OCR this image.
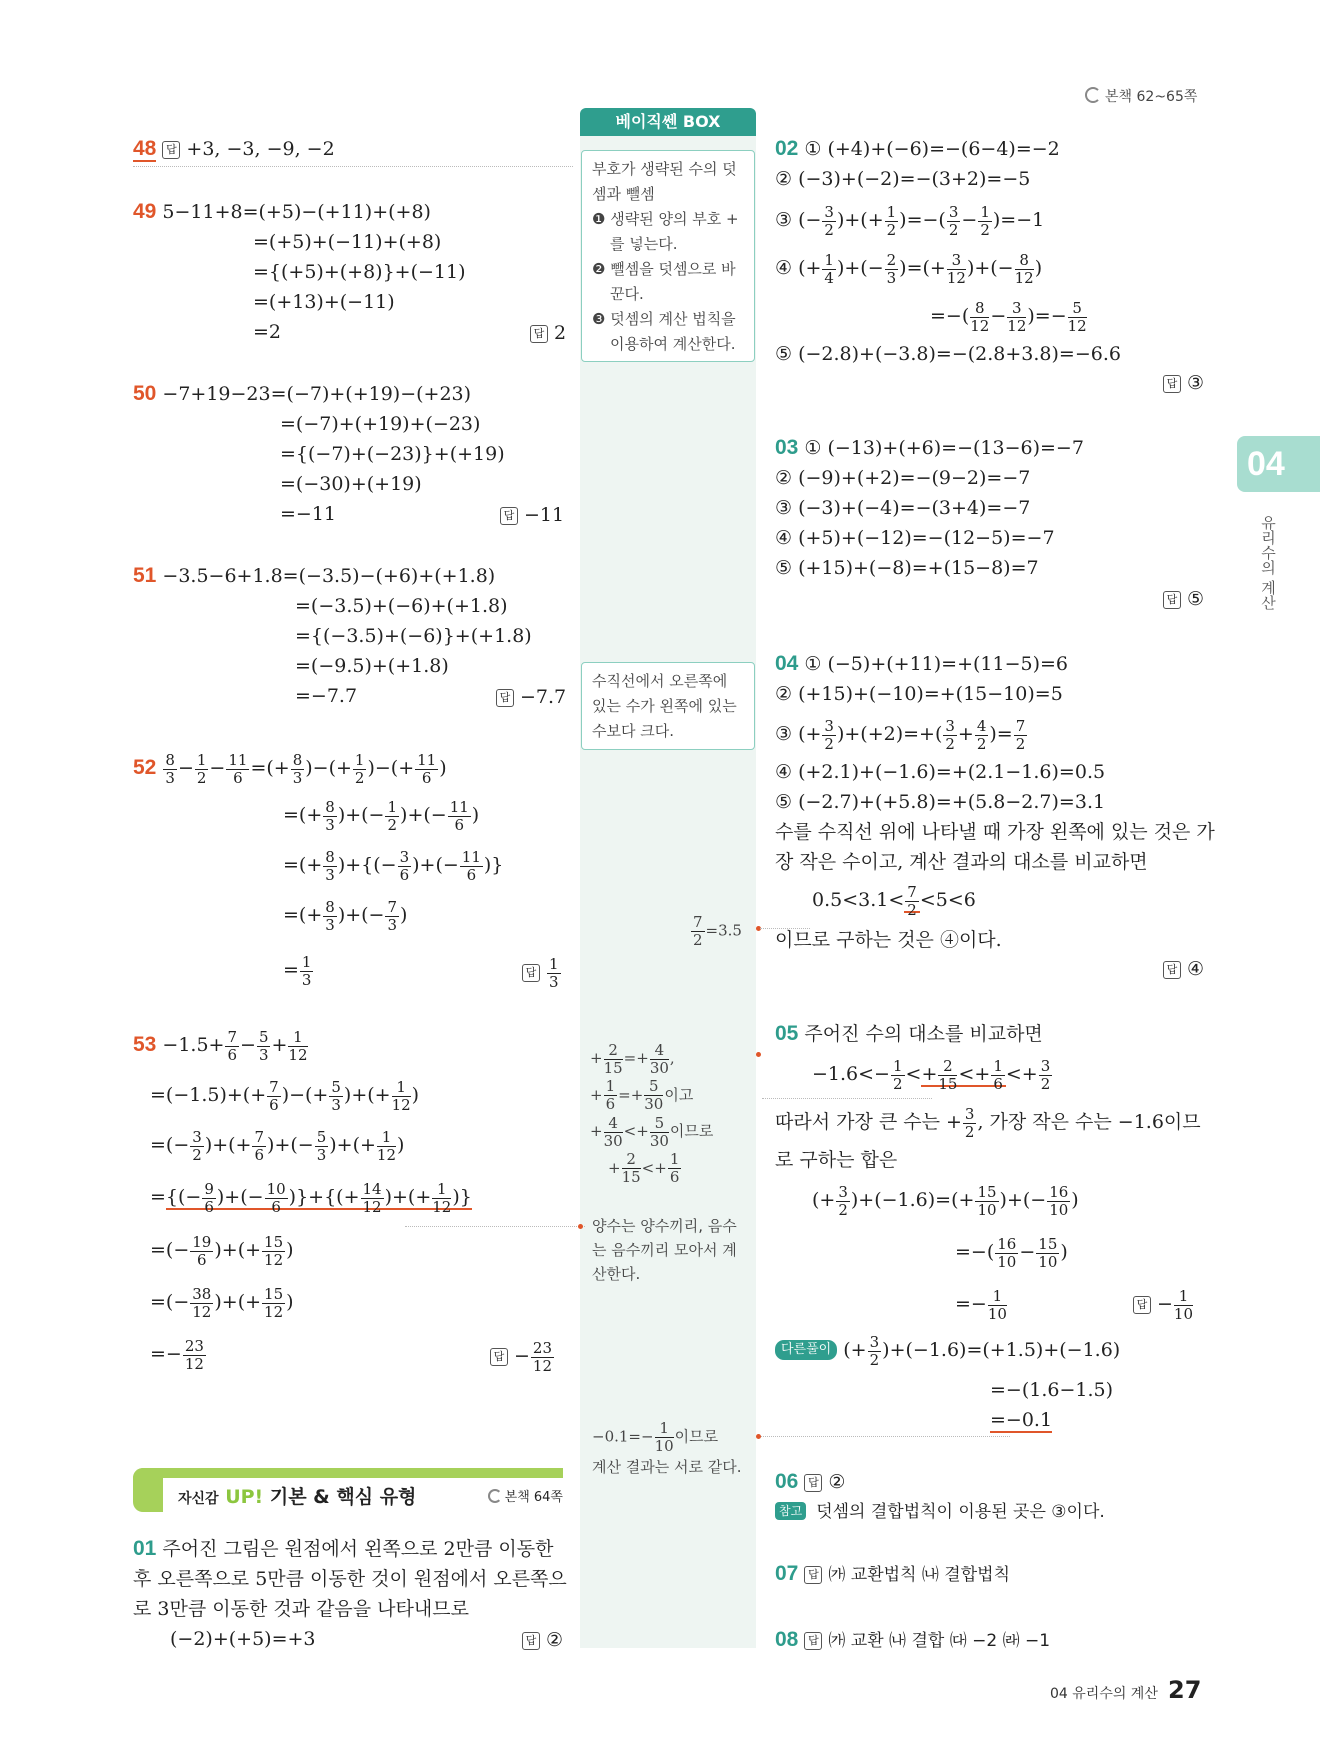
본책 62~65쪽
베이직쎈 BOX
부호가 생략된 수의 덧
셈과 뺄셈
❶ 생략된 양의 부호 +
를 넣는다.
❷ 뺄셈을 덧셈으로 바
꾼다.
❸ 덧셈의 계산 법칙을
이용하여 계산한다.
수직선에서 오른쪽에
있는 수가 왼쪽에 있는
수보다 크다.
$\frac{7}{2} =3.5$
+ $\frac{2}{15} =+ \frac{4}{30}$ ,
+ $\frac{1}{6} =+ \frac{5}{30}$ 이고
+ $\frac{4}{30} <+ \frac{5}{30}$ 이므로
+ $\frac{2}{15} <+ \frac{1}{6}$
양수는 양수끼리, 음수
는 음수끼리 모아서 계
산한다.
$-0.1=- \frac{1}{10}$ 이므로
계산 결과는 서로 같다.
04
유리수의 계산
48 답 +3, −3, −9, −2
49 5−11+8=(+5)−(+11)+(+8)
=(+5)+(−11)+(+8)
={(+5)+(+8)}+(−11)
=(+13)+(−11)
=2	답 2
50 −7+19−23=(−7)+(+19)−(+23)
=(−7)+(+19)+(−23)
={(−7)+(−23)}+(+19)
=(−30)+(+19)
=−11	답 −11
51 −3.5−6+1.8=(−3.5)−(+6)+(+1.8)
=(−3.5)+(−6)+(+1.8)
={(−3.5)+(−6)}+(+1.8)
=(−9.5)+(+1.8)
=−7.7	답 −7.7
$52 \frac{8}{3} - \frac{1}{2} - \frac{11}{6}$ =(+ $\frac{8}{3}$ )−(+ $\frac{1}{2}$ )−(+ $\frac{11}{6}$ )
=(+ $\frac{8}{3}$ )+(− $\frac{1}{2}$ )+(− $\frac{11}{6}$ )
=(+ $\frac{8}{3}$ )+{(− $\frac{3}{6}$ )+(− $\frac{11}{6}$ )}
=(+ $\frac{8}{3}$ )+(− $\frac{7}{3}$ )
= $\frac{1}{3}$	답 $\frac{1}{3}$
$53 -1.5+ \frac{7}{6} - \frac{5}{3} + \frac{1}{12}$
$=(-1.5)+(+ \frac{7}{6}$ )−(+ $\frac{5}{3}$ )+(+ $\frac{1}{12}$ )
=(− $\frac{3}{2}$ )+(+ $\frac{7}{6}$ )+(− $\frac{5}{3}$ )+(+ $\frac{1}{12}$ )
={(− $\frac{9}{6}$ )+(− $\frac{10}{6}$ )}+{(+ $\frac{14}{12}$ )+(+ $\frac{1}{12}$ )}
=(− $\frac{19}{6}$ )+(+ $\frac{15}{12}$ )
=(− $\frac{38}{12}$ )+(+ $\frac{15}{12}$ )
=− $\frac{23}{12}$	답 − $\frac{23}{12}$
자신감 UP! 기본 & 핵심 유형	본책 64쪽
01 주어진 그림은 원점에서 왼쪽으로 2만큼 이동한
후 오른쪽으로 5만큼 이동한 것이 원점에서 오른쪽으
로 3만큼 이동한 것과 같음을 나타내므로
(−2)+(+5)=+3	답 ②
02 ① (+4)+(−6)=−(6−4)=−2
② (−3)+(−2)=−(3+2)=−5
③ (− $\frac{3}{2}$ )+(+ $\frac{1}{2}$ )=−( $\frac{3}{2} - \frac{1}{2} )=-1$
④ (+ $\frac{1}{4}$ )+(− $\frac{2}{3}$ )=(+ $\frac{3}{12}$ )+(− $\frac{8}{12}$ )
=−( $\frac{8}{12} - \frac{3}{12}$ )=− $\frac{5}{12}$
⑤ (−2.8)+(−3.8)=−(2.8+3.8)=−6.6
답 ③
03 ① (−13)+(+6)=−(13−6)=−7
② (−9)+(+2)=−(9−2)=−7
③ (−3)+(−4)=−(3+4)=−7
④ (+5)+(−12)=−(12−5)=−7
⑤ (+15)+(−8)=+(15−8)=7
답 ⑤
04 ① (−5)+(+11)=+(11−5)=6
② (+15)+(−10)=+(15−10)=5
③ (+ $\frac{3}{2} )+(+2)=+( \frac{3}{2} + \frac{4}{2}$ )= $\frac{7}{2}$
④ (+2.1)+(−1.6)=+(2.1−1.6)=0.5
⑤ (−2.7)+(+5.8)=+(5.8−2.7)=3.1
수를 수직선 위에 나타낼 때 가장 왼쪽에 있는 것은 가
장 작은 수이고, 계산 결과의 대소를 비교하면
$0.5<3.1< \frac{7}{2} <5<6$
이므로 구하는 것은 ④이다.
답 ④
05 주어진 수의 대소를 비교하면
$-1.6<- \frac{1}{2} <+ \frac{2}{15} <+ \frac{1}{6} <+ \frac{3}{2}$
따라서 가장 큰 수는 + $\frac{3}{2}$ , 가장 작은 수는 −1.6이므
로 구하는 합은
(+ $\frac{3}{2} )+(-1.6)=(+ \frac{15}{10}$ )+(− $\frac{16}{10}$ )
=−( $\frac{16}{10} - \frac{15}{10}$ )
=− $\frac{1}{10}$	답 − $\frac{1}{10}$
다른풀이 (+ $\frac{3}{2} )+(-1.6)=(+1.5)+(-1.6)$
=−(1.6−1.5)
=−0.1
06 답 ②
참고 덧셈의 결합법칙이 이용된 곳은 ③이다.
07 답 ㈎ 교환법칙 ㈏ 결합법칙
08 답 ㈎ 교환 ㈏ 결합 ㈐ −2 ㈑ −1
04 유리수의 계산 27
